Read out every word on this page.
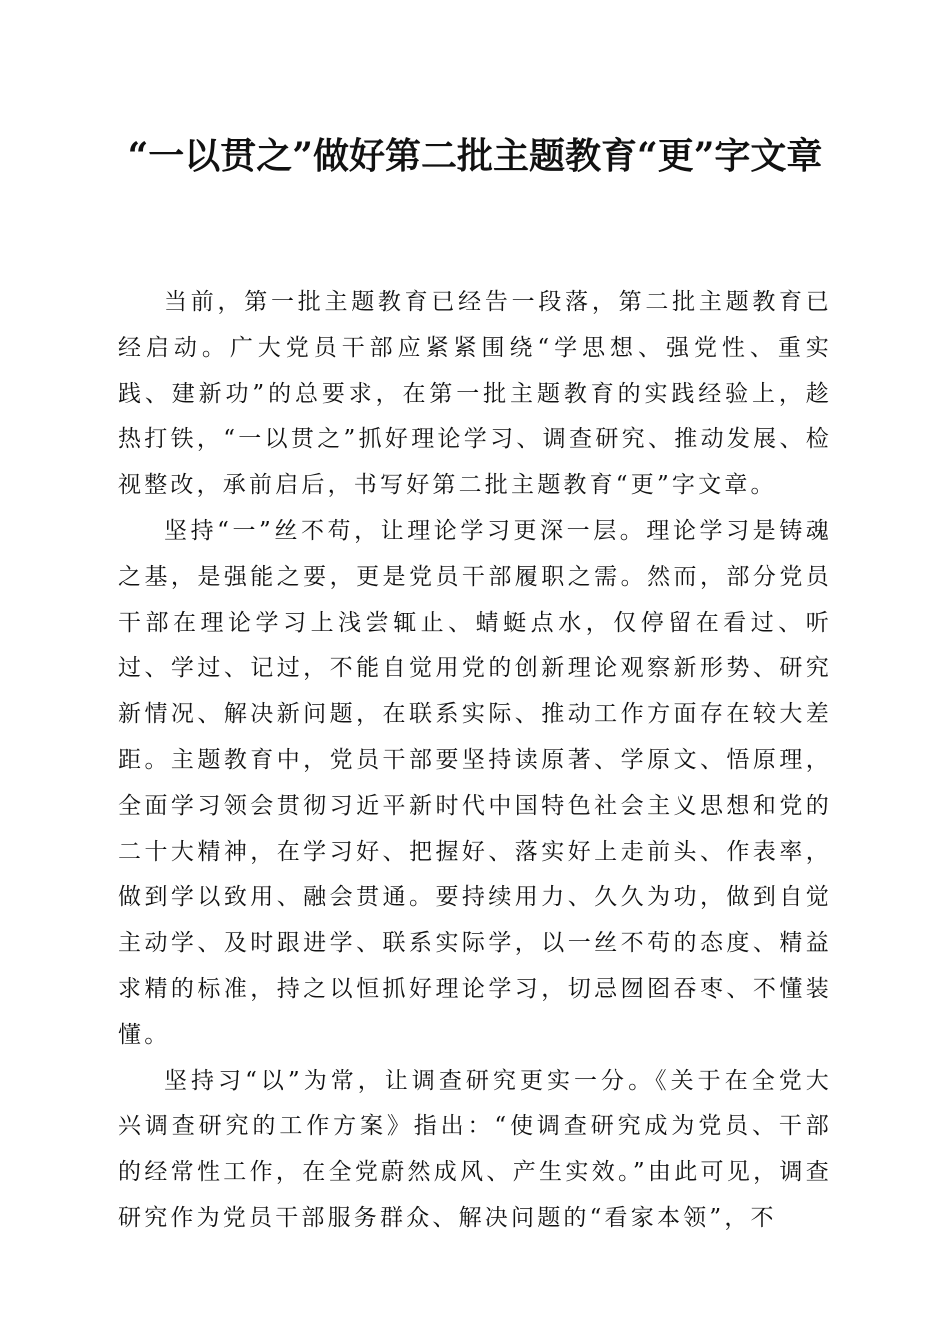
“一以贯之”做好第二批主题教育“更”字文章

当前，第一批主题教育已经告一段落，第二批主题教育已经启动。广大党员干部应紧紧围绕“学思想、强党性、重实践、建新功”的总要求，在第一批主题教育的实践经验上，趁热打铁，“一以贯之”抓好理论学习、调查研究、推动发展、检视整改，承前启后，书写好第二批主题教育“更”字文章。

坚持“一”丝不苟，让理论学习更深一层。理论学习是铸魂之基，是强能之要，更是党员干部履职之需。然而，部分党员干部在理论学习上浅尝辄止、蜻蜓点水，仅停留在看过、听过、学过、记过，不能自觉用党的创新理论观察新形势、研究新情况、解决新问题，在联系实际、推动工作方面存在较大差距。主题教育中，党员干部要坚持读原著、学原文、悟原理，全面学习领会贯彻习近平新时代中国特色社会主义思想和党的二十大精神，在学习好、把握好、落实好上走前头、作表率，做到学以致用、融会贯通。要持续用力、久久为功，做到自觉主动学、及时跟进学、联系实际学，以一丝不苟的态度、精益求精的标准，持之以恒抓好理论学习，切忌囫囵吞枣、不懂装懂。

坚持习“以”为常，让调查研究更实一分。《关于在全党大兴调查研究的工作方案》指出：“使调查研究成为党员、干部的经常性工作，在全党蔚然成风、产生实效。”由此可见，调查研究作为党员干部服务群众、解决问题的“看家本领”，不
